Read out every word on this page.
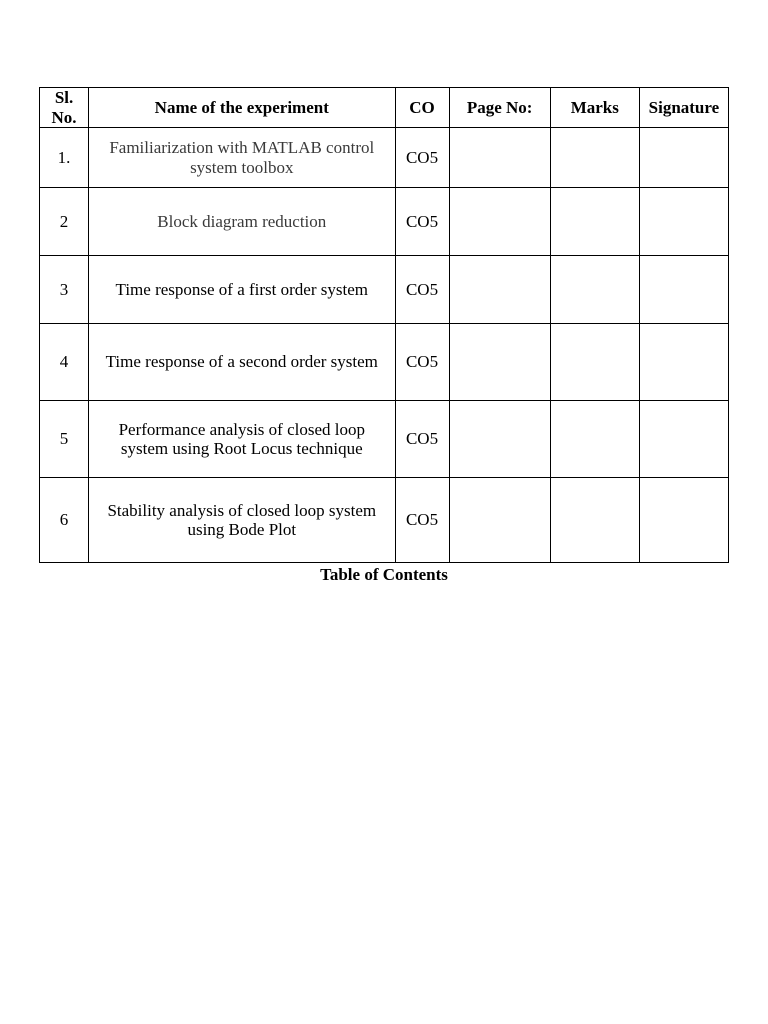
Sl. No.	Name of the experiment	CO	Page No:	Marks	Signature
1.	Familiarization with MATLAB control system toolbox	CO5			
2	Block diagram reduction	CO5			
3	Time response of a first order system	CO5			
4	Time response of a second order system	CO5			
5	Performance analysis of closed loop system using Root Locus technique	CO5			
6	Stability analysis of closed loop system using Bode Plot	CO5			
Table of Contents
